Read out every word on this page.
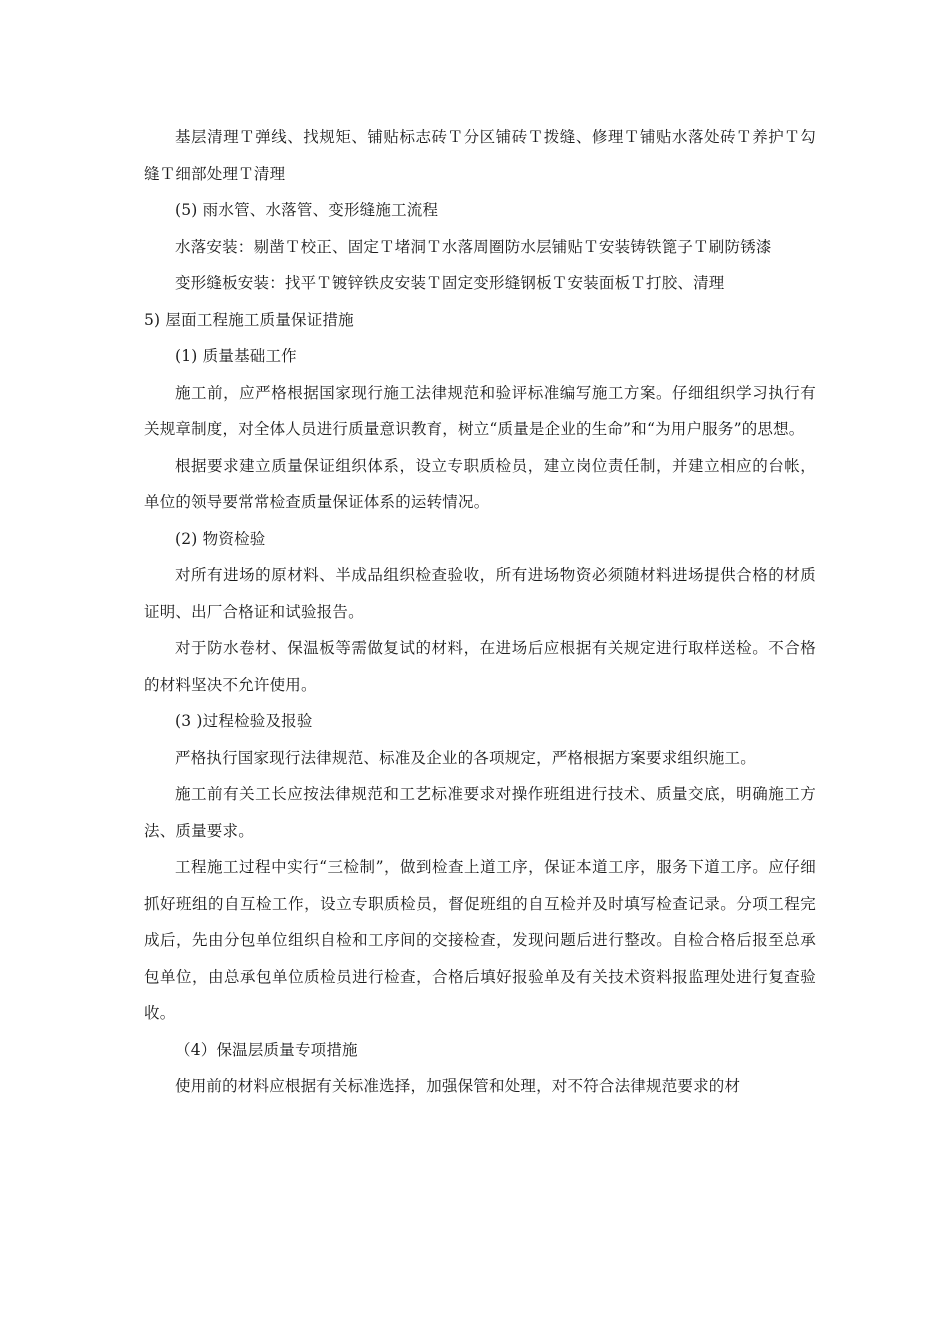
基层清理Ｔ弹线、找规矩、铺贴标志砖Ｔ分区铺砖Ｔ拨缝、修理Ｔ铺贴水落处砖Ｔ养护Ｔ勾缝Ｔ细部处理Ｔ清理

(5) 雨水管、水落管、变形缝施工流程

水落安装：剔凿Ｔ校正、固定Ｔ堵洞Ｔ水落周圈防水层铺贴Ｔ安装铸铁篦子Ｔ刷防锈漆

变形缝板安装：找平Ｔ镀锌铁皮安装Ｔ固定变形缝钢板Ｔ安装面板Ｔ打胶、清理

5) 屋面工程施工质量保证措施

(1) 质量基础工作

施工前，应严格根据国家现行施工法律规范和验评标准编写施工方案。仔细组织学习执行有关规章制度，对全体人员进行质量意识教育，树立“质量是企业的生命”和“为用户服务”的思想。

根据要求建立质量保证组织体系，设立专职质检员，建立岗位责任制，并建立相应的台帐，单位的领导要常常检查质量保证体系的运转情况。

(2) 物资检验

对所有进场的原材料、半成品组织检查验收，所有进场物资必须随材料进场提供合格的材质证明、出厂合格证和试验报告。

对于防水卷材、保温板等需做复试的材料，在进场后应根据有关规定进行取样送检。不合格的材料坚决不允许使用。

(3 )过程检验及报验

严格执行国家现行法律规范、标准及企业的各项规定，严格根据方案要求组织施工。

施工前有关工长应按法律规范和工艺标准要求对操作班组进行技术、质量交底，明确施工方法、质量要求。

工程施工过程中实行“三检制”，做到检查上道工序，保证本道工序，服务下道工序。应仔细抓好班组的自互检工作，设立专职质检员，督促班组的自互检并及时填写检查记录。分项工程完成后，先由分包单位组织自检和工序间的交接检查，发现问题后进行整改。自检合格后报至总承包单位，由总承包单位质检员进行检查，合格后填好报验单及有关技术资料报监理处进行复查验收。

（4）保温层质量专项措施

使用前的材料应根据有关标准选择，加强保管和处理，对不符合法律规范要求的材
